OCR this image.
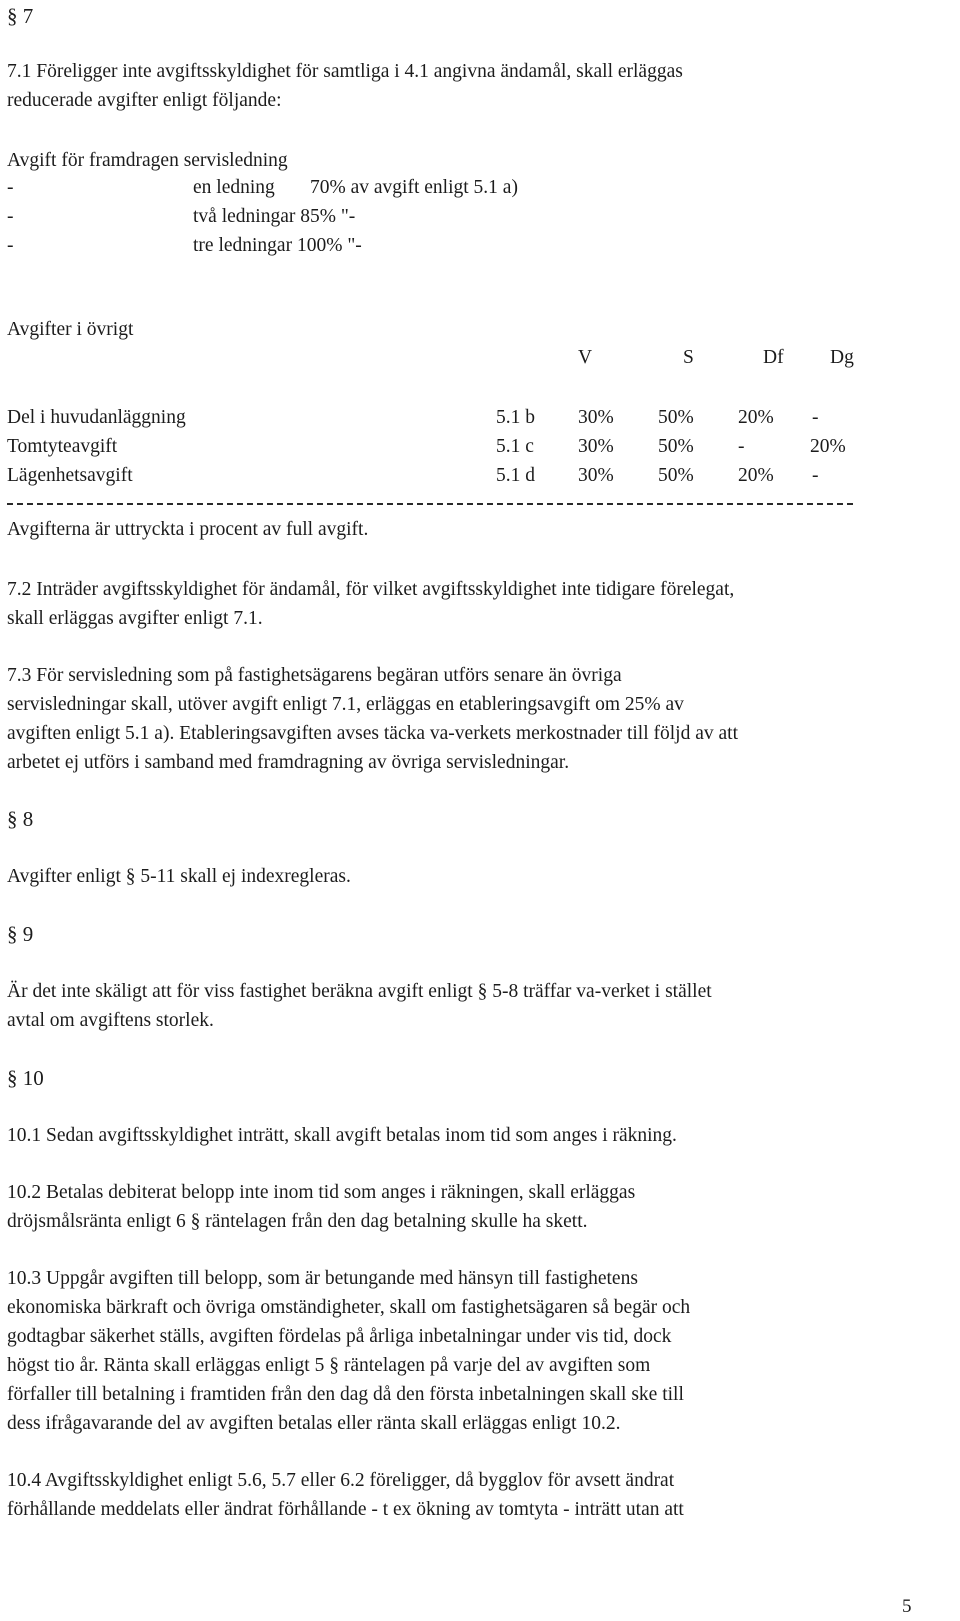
§ 7
7.1 Föreligger inte avgiftsskyldighet för samtliga i 4.1 angivna ändamål, skall erläggas
reducerade avgifter enligt följande:
Avgift för framdragen servisledning
-	en ledning 70% av avgift enligt 5.1 a)
-	två ledningar 85% "-
-	tre ledningar 100% "-
Avgifter i övrigt
V	S	Df Dg
Del i huvudanläggning	5.1 b 30% 50% 20% -
Tomtyteavgift	5.1 c 30% 50% -	20%
Lägenhetsavgift	5.1 d 30% 50% 20% -
Avgifterna är uttryckta i procent av full avgift.
7.2 Inträder avgiftsskyldighet för ändamål, för vilket avgiftsskyldighet inte tidigare förelegat,
skall erläggas avgifter enligt 7.1.
7.3 För servisledning som på fastighetsägarens begäran utförs senare än övriga
servisledningar skall, utöver avgift enligt 7.1, erläggas en etableringsavgift om 25% av
avgiften enligt 5.1 a). Etableringsavgiften avses täcka va-verkets merkostnader till följd av att
arbetet ej utförs i samband med framdragning av övriga servisledningar.
§ 8
Avgifter enligt § 5-11 skall ej indexregleras.
§ 9
Är det inte skäligt att för viss fastighet beräkna avgift enligt § 5-8 träffar va-verket i stället
avtal om avgiftens storlek.
§ 10
10.1 Sedan avgiftsskyldighet inträtt, skall avgift betalas inom tid som anges i räkning.
10.2 Betalas debiterat belopp inte inom tid som anges i räkningen, skall erläggas
dröjsmålsränta enligt 6 § räntelagen från den dag betalning skulle ha skett.
10.3 Uppgår avgiften till belopp, som är betungande med hänsyn till fastighetens
ekonomiska bärkraft och övriga omständigheter, skall om fastighetsägaren så begär och
godtagbar säkerhet ställs, avgiften fördelas på årliga inbetalningar under vis tid, dock
högst tio år. Ränta skall erläggas enligt 5 § räntelagen på varje del av avgiften som
förfaller till betalning i framtiden från den dag då den första inbetalningen skall ske till
dess ifrågavarande del av avgiften betalas eller ränta skall erläggas enligt 10.2.
10.4 Avgiftsskyldighet enligt 5.6, 5.7 eller 6.2 föreligger, då bygglov för avsett ändrat
förhållande meddelats eller ändrat förhållande - t ex ökning av tomtyta - inträtt utan att
5
